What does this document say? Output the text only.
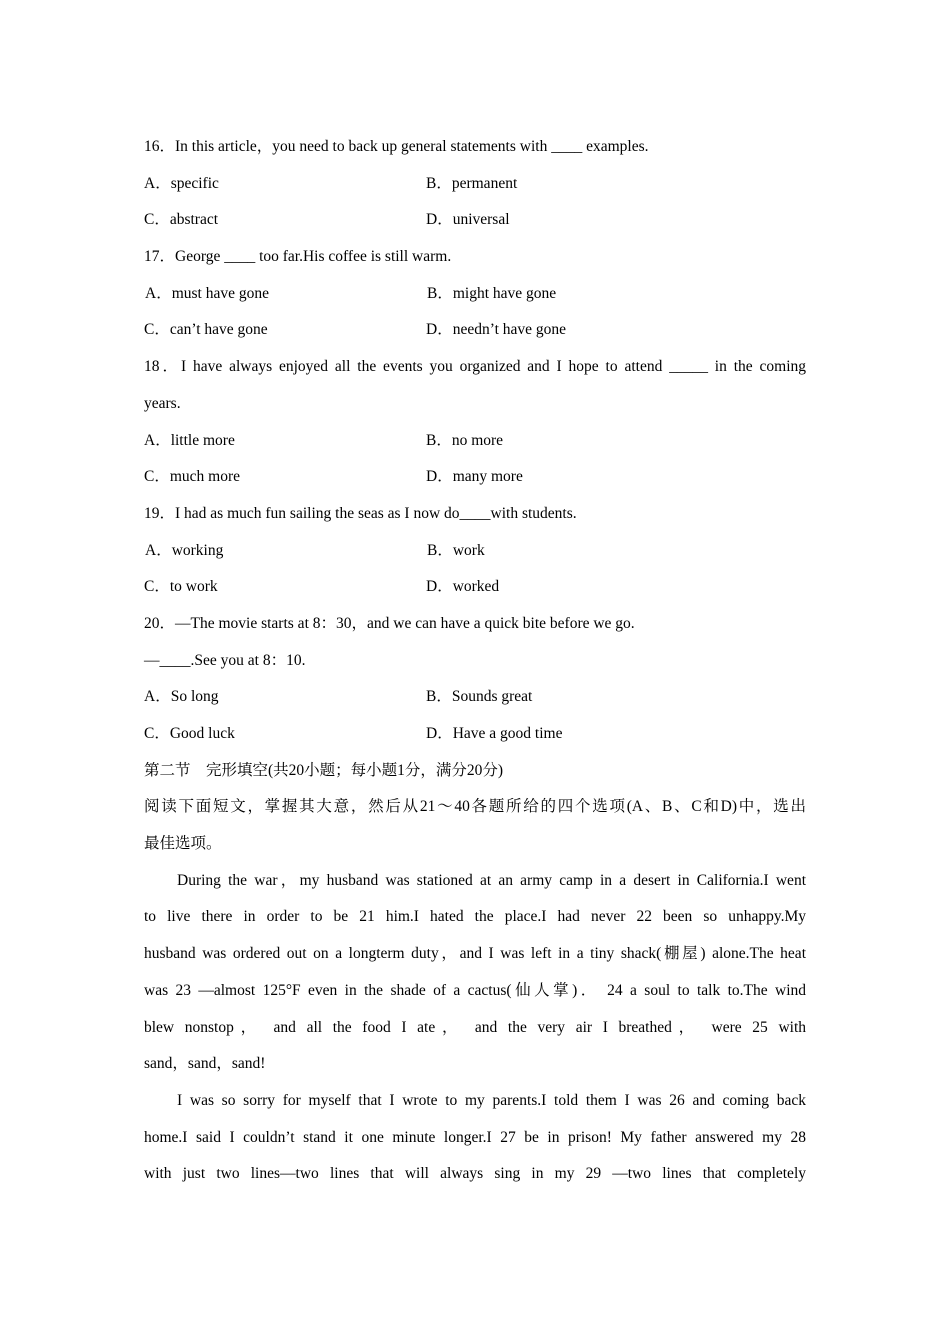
16．In this article，you need to back up general statements with ____ examples.
A．specific	B．permanent
C．abstract	D．universal
17．George ____ too far.His coffee is still warm.
A．must have gone	B．might have gone
C．can’t have gone	D．needn’t have gone
18．I have always enjoyed all the events you organized and I hope to attend _____ in the coming
years.
A．little more	B．no more
C．much more	D．many more
19．I had as much fun sailing the seas as I now do____with students.
A．working	B．work
C．to work	D．worked
20．—The movie starts at 8：30，and we can have a quick bite before we go.
—____.See you at 8：10.
A．So long	B．Sounds great
C．Good luck	D．Have a good time
第二节　完形填空(共20小题；每小题1分，满分20分)
阅读下面短文，掌握其大意，然后从21～40各题所给的四个选项(A、B、C和D)中，选出
最佳选项。
During the war，my husband was stationed at an army camp in a desert in California.I went
to live there in order to be 21 him.I hated the place.I had never 22 been so unhappy.My
husband was ordered out on a longterm duty，and I was left in a tiny shack(棚屋) alone.The heat
was 23 —almost 125°F even in the shade of a cactus(仙人掌)． 24 a soul to talk to.The wind
blew nonstop， and all the food I ate， and the very air I breathed， were 25 with
sand，sand，sand!
I was so sorry for myself that I wrote to my parents.I told them I was 26 and coming back
home.I said I couldn’t stand it one minute longer.I 27 be in prison! My father answered my 28
with just two lines—two lines that will always sing in my 29 —two lines that completely
